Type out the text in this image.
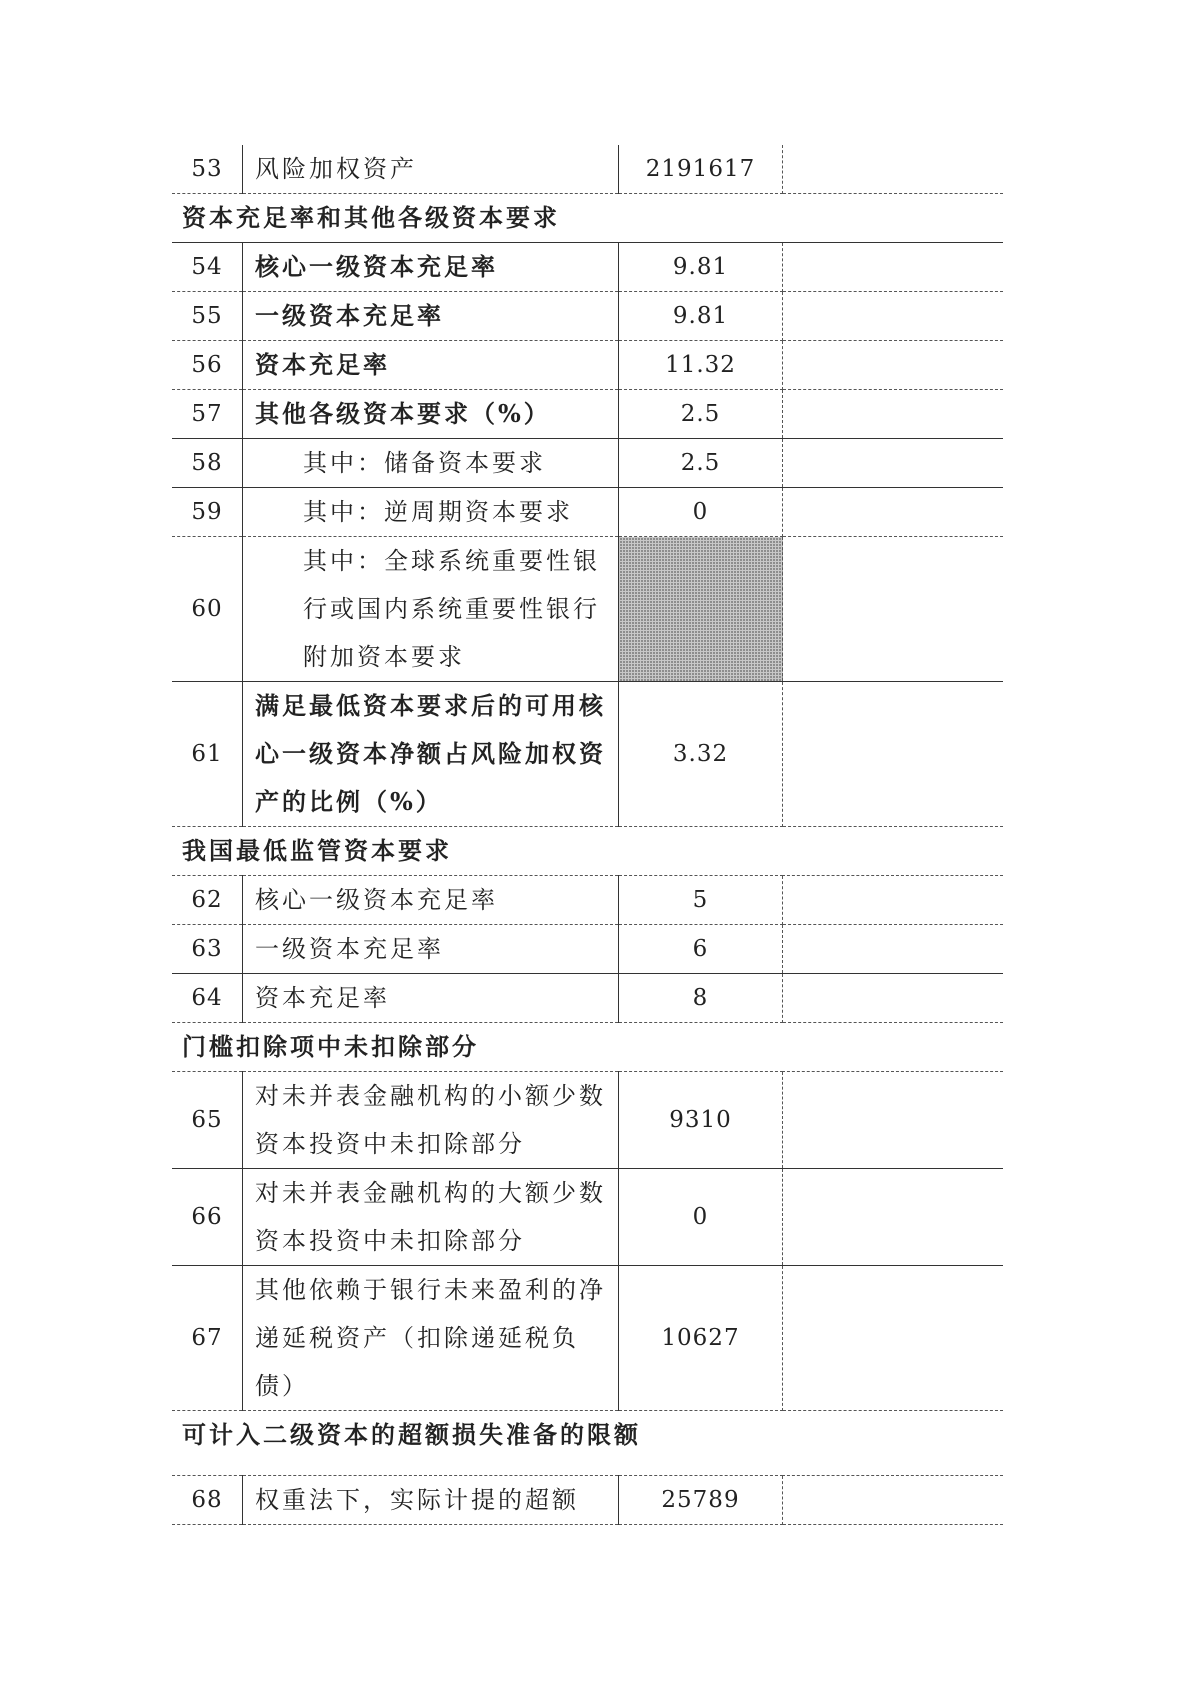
53	风险加权资产	2191617	
资本充足率和其他各级资本要求			
54	核心一级资本充足率	9.81	
55	一级资本充足率	9.81	
56	资本充足率	11.32	
57	其他各级资本要求（%）	2.5	
58	其中：储备资本要求	2.5	
59	其中：逆周期资本要求	0	
60	其中：全球系统重要性银行或国内系统重要性银行附加资本要求		
61	满足最低资本要求后的可用核心一级资本净额占风险加权资产的比例（%）	3.32	
我国最低监管资本要求			
62	核心一级资本充足率	5	
63	一级资本充足率	6	
64	资本充足率	8	
门槛扣除项中未扣除部分			
65	对未并表金融机构的小额少数资本投资中未扣除部分	9310	
66	对未并表金融机构的大额少数资本投资中未扣除部分	0	
67	其他依赖于银行未来盈利的净递延税资产（扣除递延税负债）	10627	
可计入二级资本的超额损失准备的限额			
68	权重法下，实际计提的超额	25789	
